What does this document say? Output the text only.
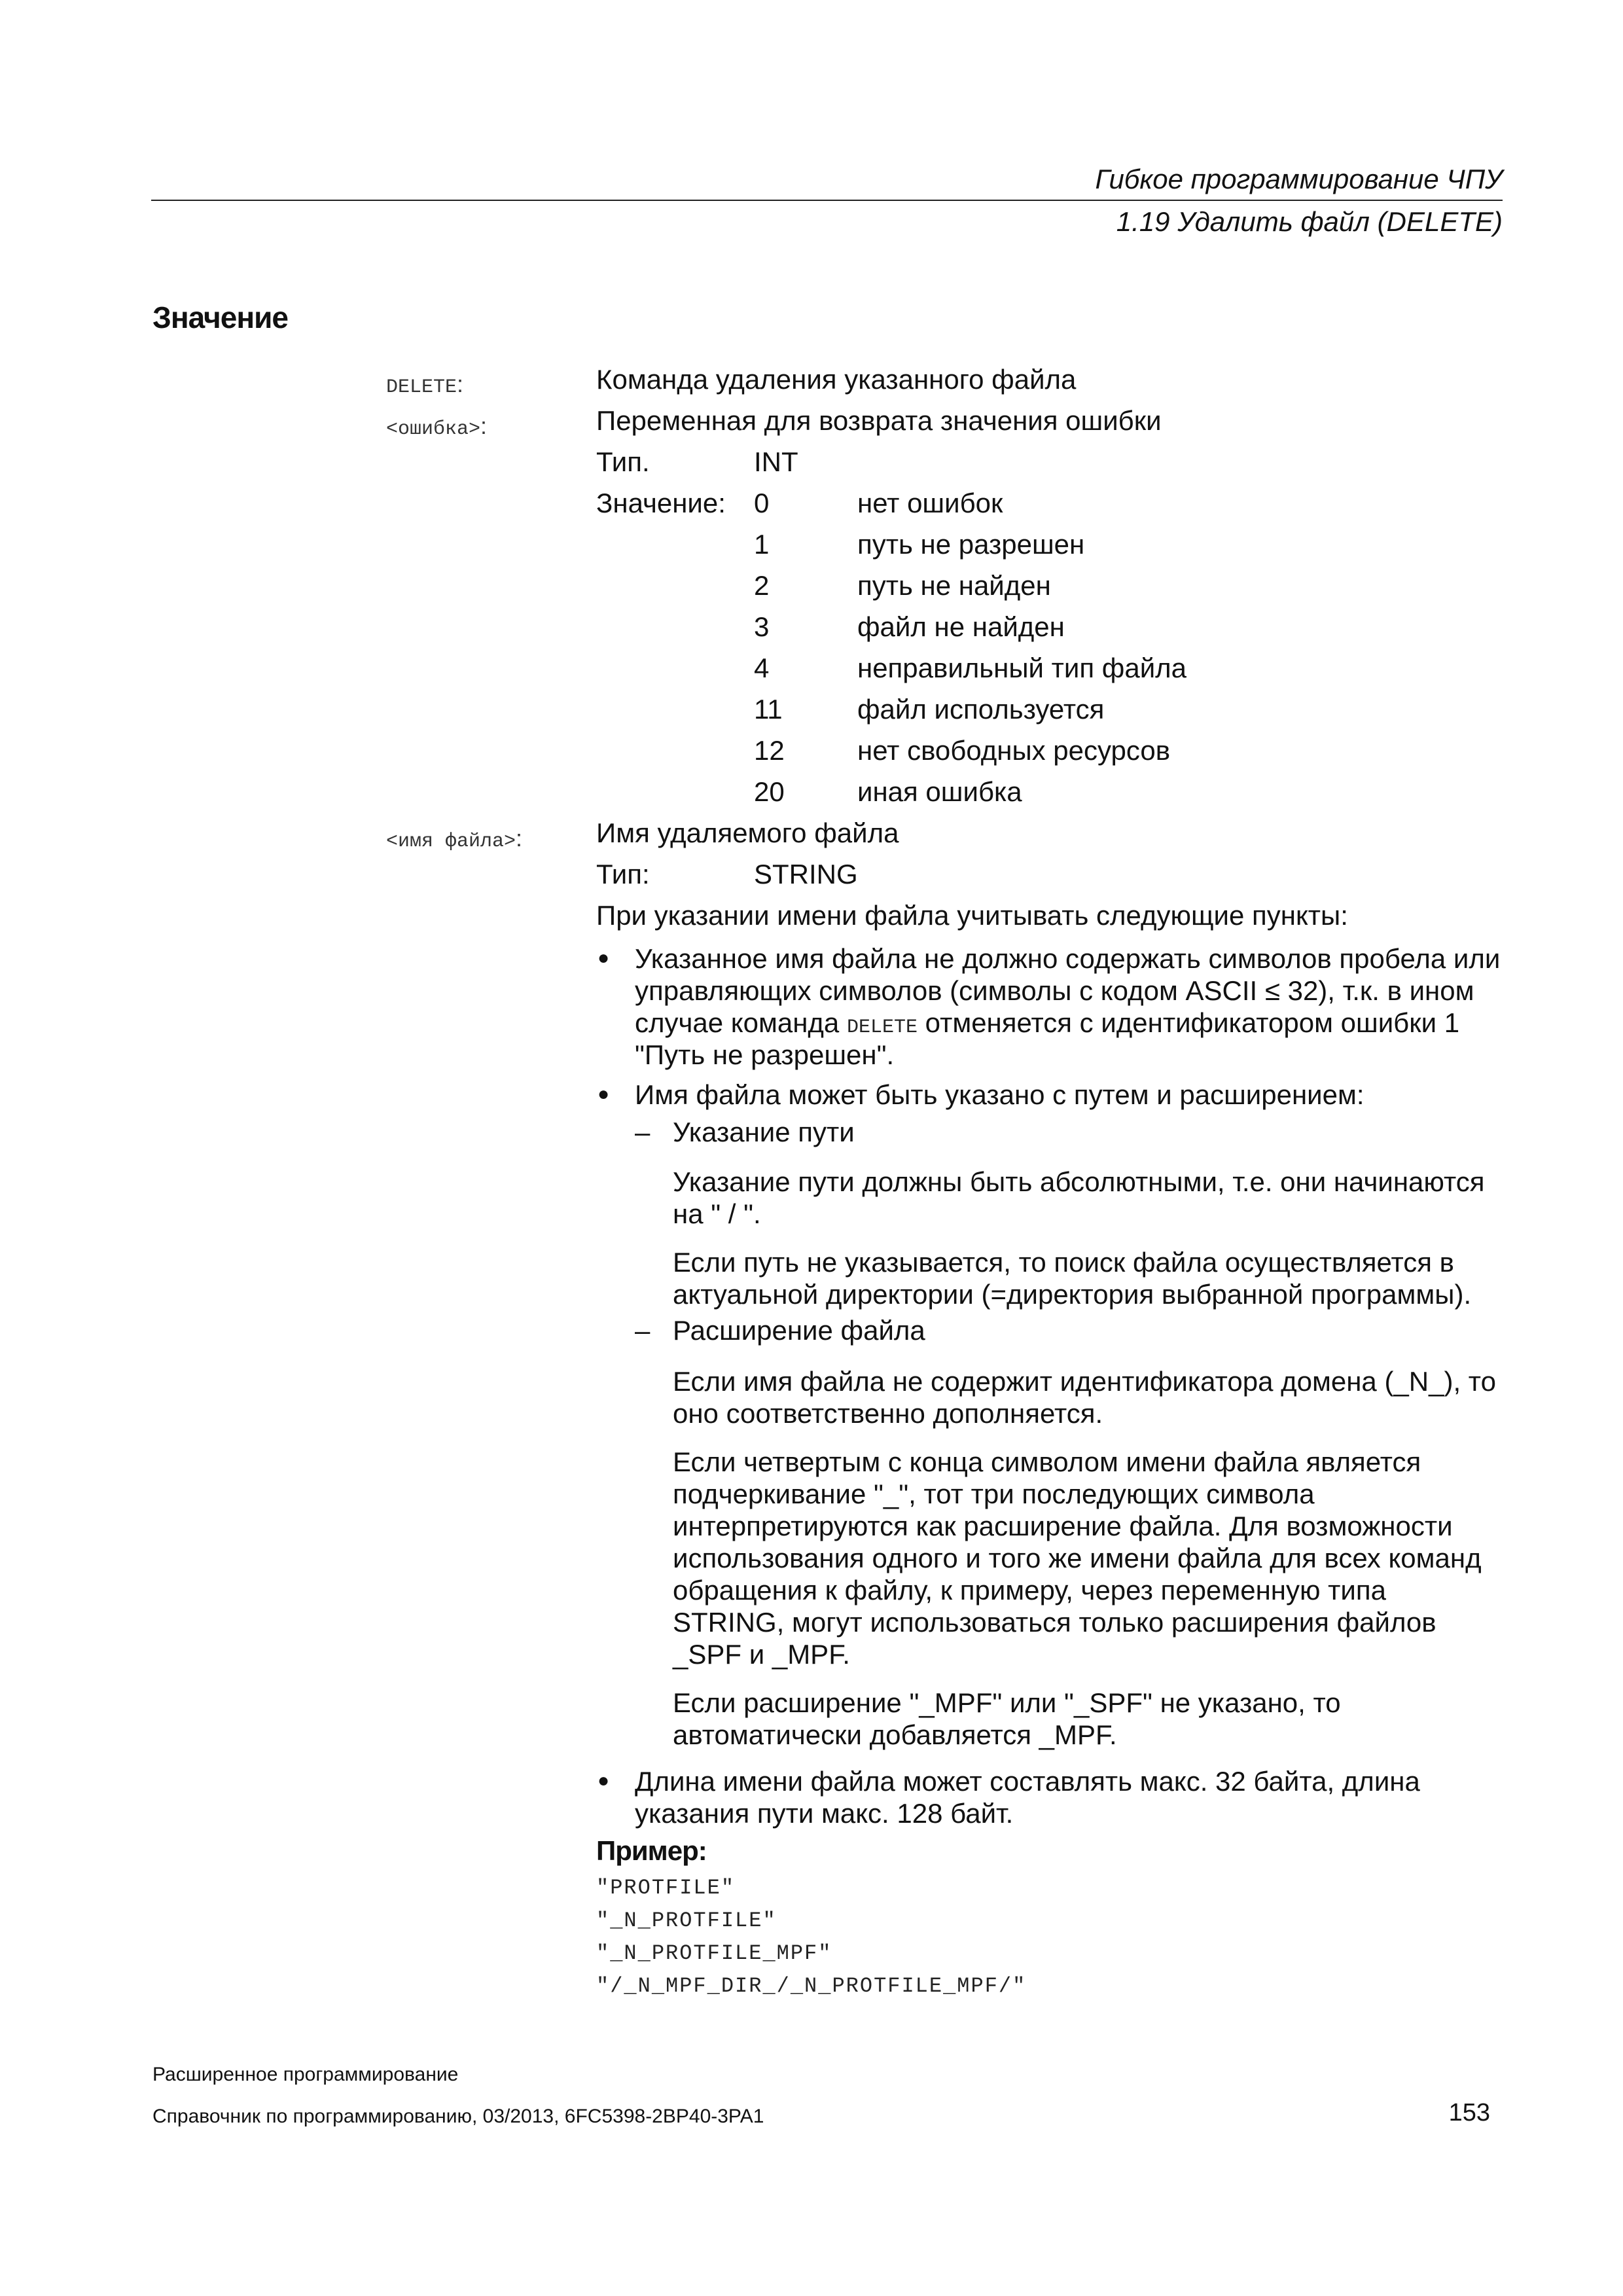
Гибкое программирование ЧПУ
1.19 Удалить файл (DELETE)
Значение
DELETE:	Команда удаления указанного файла
<ошибка>:	Переменная для возврата значения ошибки
Тип.	INT
Значение: 0	нет ошибок
1	путь не разрешен
2	путь не найден
3	файл не найден
4	неправильный тип файла
11	файл используется
12	нет свободных ресурсов
20	иная ошибка
<имя файла>:	Имя удаляемого файла
Тип:	STRING
При указании имени файла учитывать следующие пункты:
● Указанное имя файла не должно содержать символов пробела или
управляющих символов (символы с кодом ASCII ≤ 32), т.к. в ином
случае команда DELETE отменяется с идентификатором ошибки 1
"Путь не разрешен".
● Имя файла может быть указано с путем и расширением:
– Указание пути
Указание пути должны быть абсолютными, т.е. они начинаются
на " / ".
Если путь не указывается, то поиск файла осуществляется в
актуальной директории (=директория выбранной программы).
– Расширение файла
Если имя файла не содержит идентификатора домена (_N_), то
оно соответственно дополняется.
Если четвертым с конца символом имени файла является
подчеркивание "_", тот три последующих символа
интерпретируются как расширение файла. Для возможности
использования одного и того же имени файла для всех команд
обращения к файлу, к примеру, через переменную типа
STRING, могут использоваться только расширения файлов
_SPF и _MPF.
Если расширение "_MPF" или "_SPF" не указано, то
автоматически добавляется _MPF.
● Длина имени файла может составлять макс. 32 байта, длина
указания пути макс. 128 байт.
Пример:
"PROTFILE"
"_N_PROTFILE"
"_N_PROTFILE_MPF"
"/_N_MPF_DIR_/_N_PROTFILE_MPF/"
Расширенное программирование
Справочник по программированию, 03/2013, 6FC5398-2BP40-3PA1	153
